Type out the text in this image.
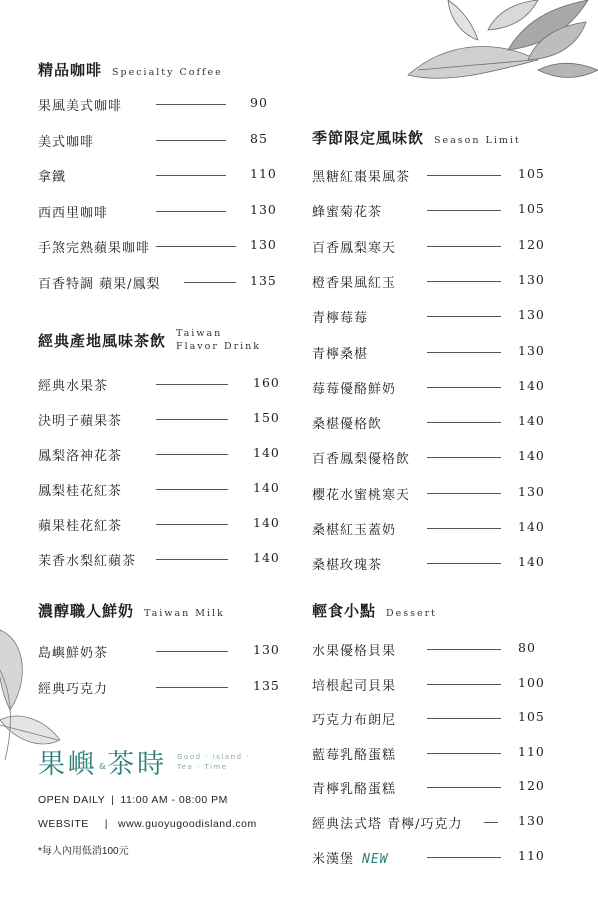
精品咖啡 Specialty Coffee
果風美式咖啡	90
美式咖啡	85
拿鐵	110
西西里咖啡	130
手煞完熟蘋果咖啡	130
百香特調 蘋果/鳳梨	135
經典產地風味茶飲 Taiwan
Flavor Drink
經典水果茶	160
決明子蘋果茶	150
鳳梨洛神花茶	140
鳳梨桂花紅茶	140
蘋果桂花紅茶	140
茉香水梨紅蘋茶	140
濃醇職人鮮奶 Taiwan Milk
島嶼鮮奶茶	130
經典巧克力	135
季節限定風味飲 Season Limit
黑糖紅棗果風茶	105
蜂蜜菊花茶	105
百香鳳梨寒天	120
橙香果風紅玉	130
青檸莓莓	130
青檸桑椹	130
莓莓優酪鮮奶	140
桑椹優格飲	140
百香鳳梨優格飲	140
櫻花水蜜桃寒天	130
桑椹紅玉蓋奶	140
桑椹玫瑰茶	140
輕食小點 Dessert
水果優格貝果	80
培根起司貝果	100
巧克力布朗尼	105
藍莓乳酪蛋糕	110
青檸乳酪蛋糕	120
經典法式塔 青檸/巧克力	130
米漢堡 NEW	110
果嶼 & 茶時 Good · Island ·
Tea · Time
OPEN DAILY | 11:00 AM - 08:00 PM
WEBSITE | www.guoyugoodisland.com
*每人內用低消100元
